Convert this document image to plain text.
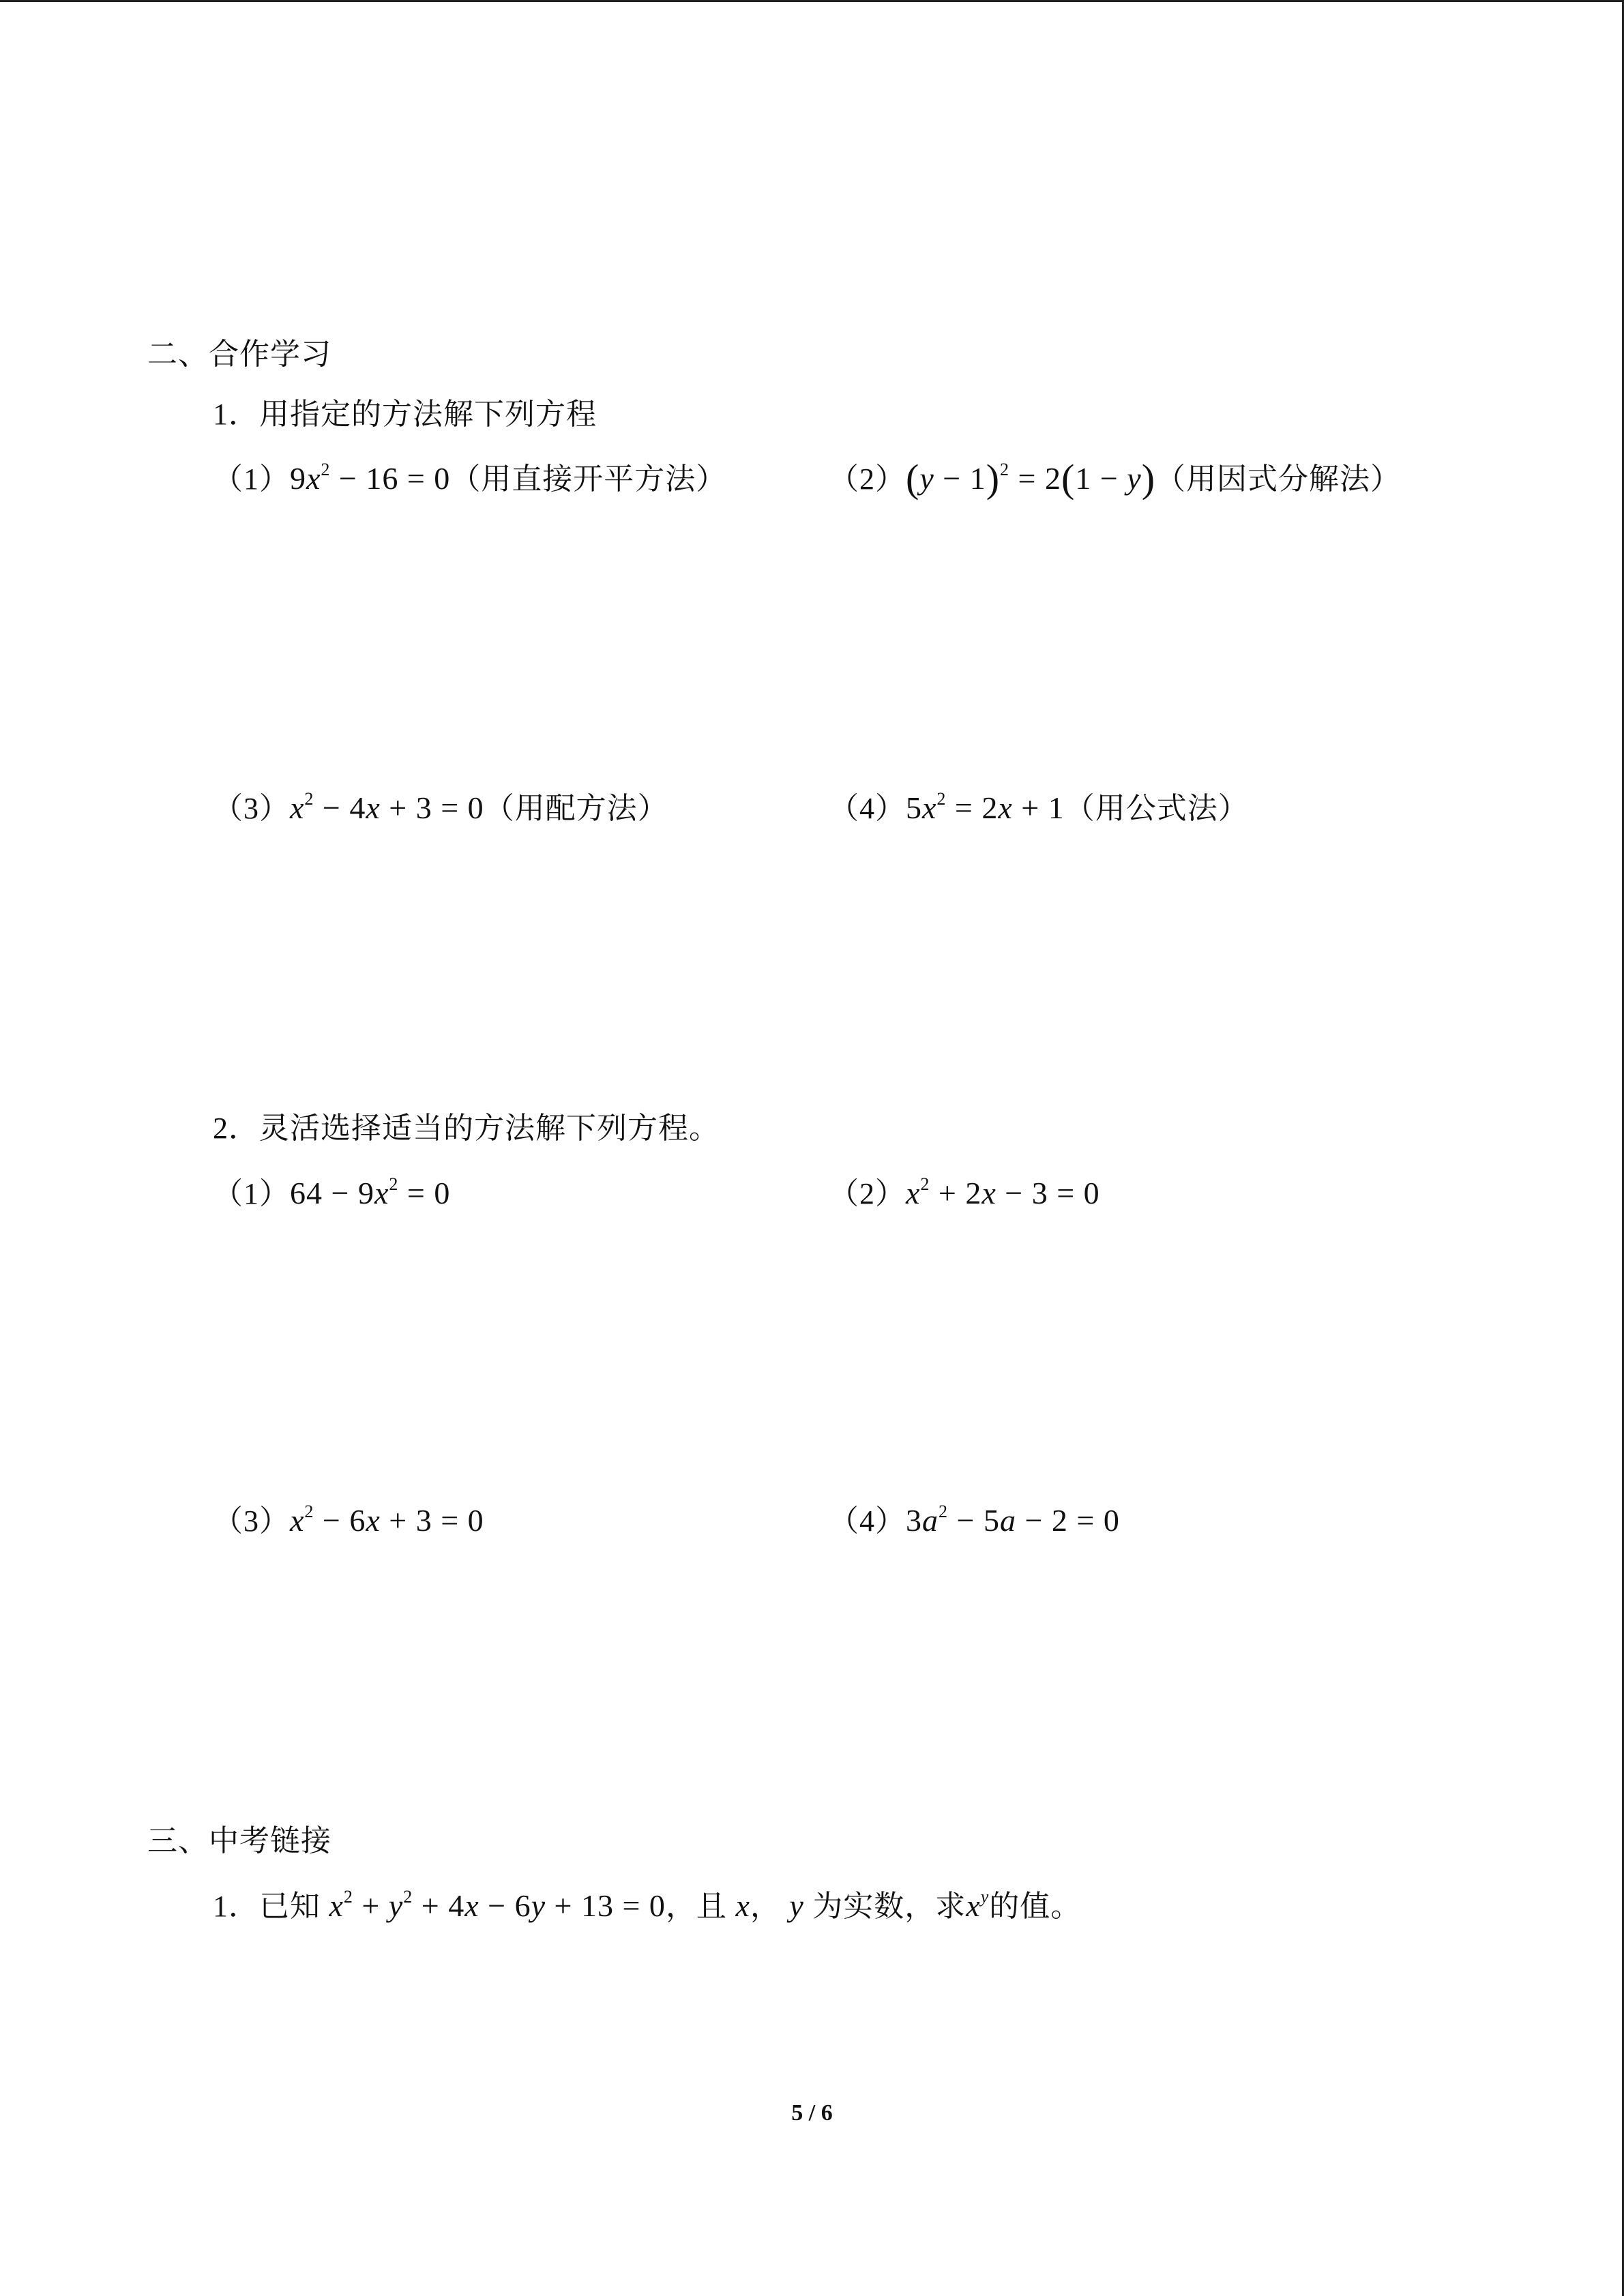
二、合作学习
1．用指定的方法解下列方程
$(1)9x^2 - 16 = 0$（用直接开平方法）	$(2)(y - 1)^2 = 2(1 - y)$（用因式分解法）
$(3)x^2 - 4x + 3 = 0$（用配方法）	$(4)5x^2 = 2x + 1$（用公式法）
2．灵活选择适当的方法解下列方程。
$(1)64 - 9x^2 = 0$	$(2)x^2 + 2x - 3 = 0$
$(3)x^2 - 6x + 3 = 0$	$(4)3a^2 - 5a - 2 = 0$
三、中考链接
1．已知 $x^2 + y^2 + 4x - 6y + 13 = 0$，且 x， y 为实数，求$x^y$的值。
5 / 6
